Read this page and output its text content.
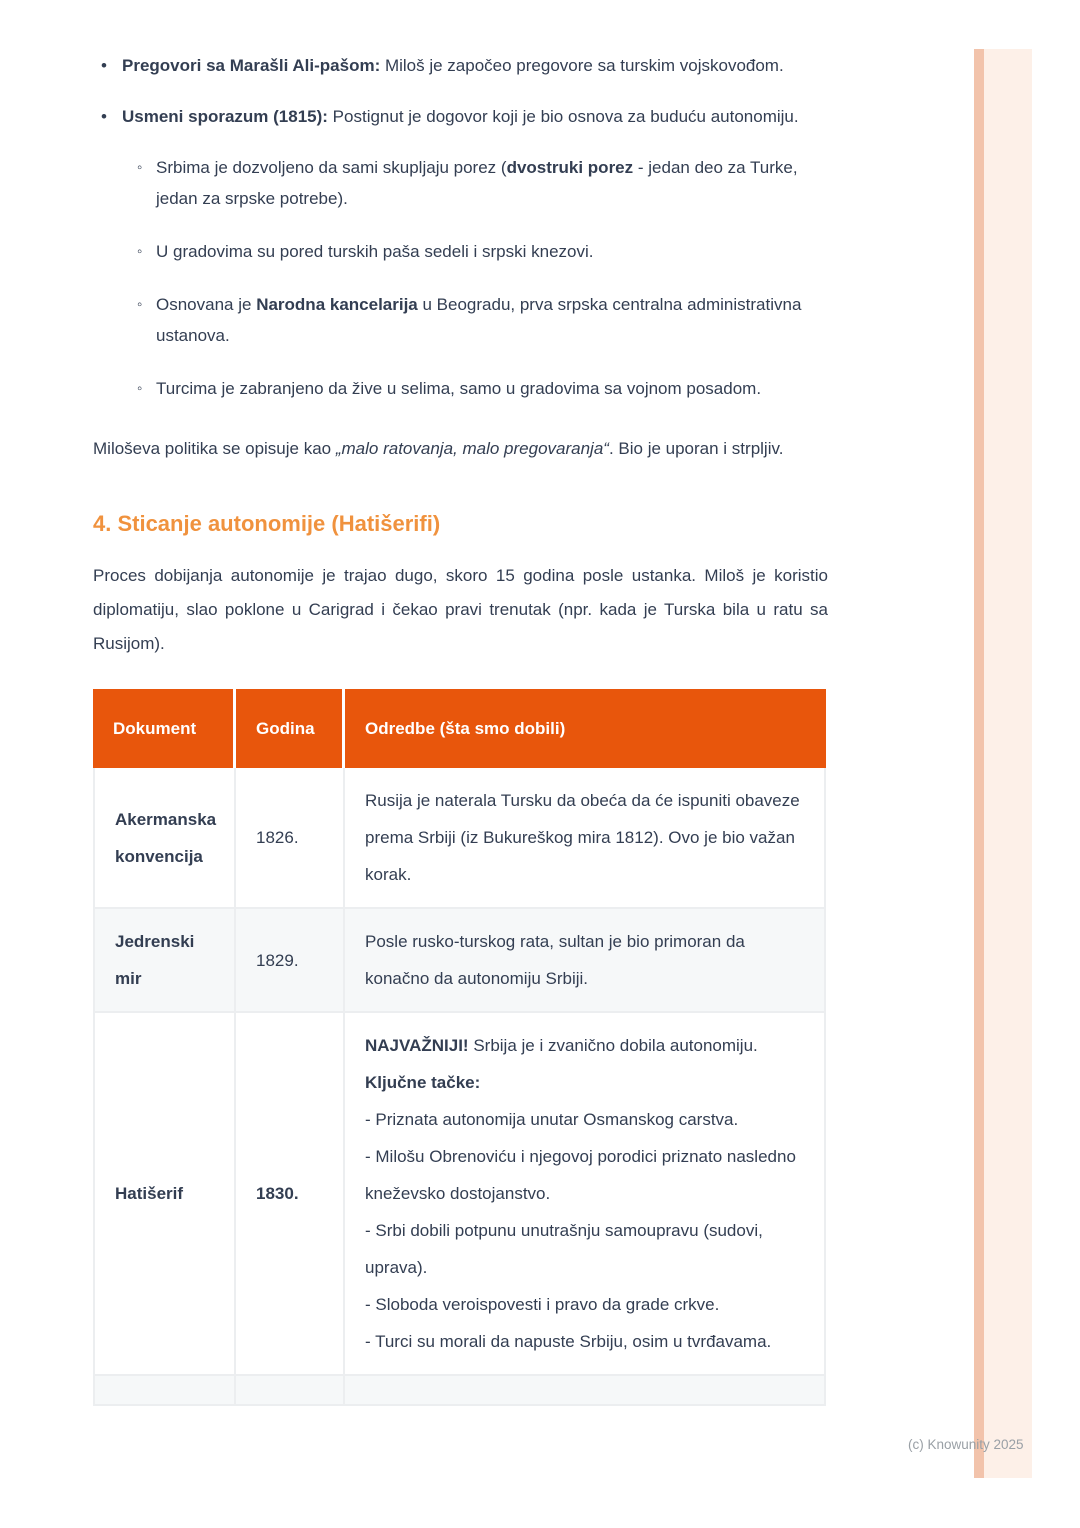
• Pregovori sa Marašli Ali-pašom: Miloš je započeo pregovore sa turskim vojskovođom.
• Usmeni sporazum (1815): Postignut je dogovor koji je bio osnova za buduću autonomiju.
◦ Srbima je dozvoljeno da sami skupljaju porez (dvostruki porez - jedan deo za Turke, jedan za srpske potrebe).
◦ U gradovima su pored turskih paša sedeli i srpski knezovi.
◦ Osnovana je Narodna kancelarija u Beogradu, prva srpska centralna administrativna ustanova.
◦ Turcima je zabranjeno da žive u selima, samo u gradovima sa vojnom posadom.

Miloševa politika se opisuje kao „malo ratovanja, malo pregovaranja“. Bio je uporan i strpljiv.

4. Sticanje autonomije (Hatišerifi)

Proces dobijanja autonomije je trajao dugo, skoro 15 godina posle ustanka. Miloš je koristio diplomatiju, slao poklone u Carigrad i čekao pravi trenutak (npr. kada je Turska bila u ratu sa Rusijom).

Dokument	Godina	Odredbe (šta smo dobili)
Akermanska konvencija	1826.	Rusija je naterala Tursku da obeća da će ispuniti obaveze prema Srbiji (iz Bukureškog mira 1812). Ovo je bio važan korak.
Jedrenski mir	1829.	Posle rusko-turskog rata, sultan je bio primoran da konačno da autonomiju Srbiji.
Hatišerif	1830.	
NAJVAŽNIJI! Srbija je i zvanično dobila autonomiju.
Ključne tačke:
- Priznata autonomija unutar Osmanskog carstva.
- Milošu Obrenoviću i njegovoj porodici priznato nasledno kneževsko dostojanstvo.
- Srbi dobili potpunu unutrašnju samoupravu (sudovi, uprava).
- Sloboda veroispovesti i pravo da grade crkve.
- Turci su morali da napuste Srbiju, osim u tvrđavama.

(c) Knowunity 2025
